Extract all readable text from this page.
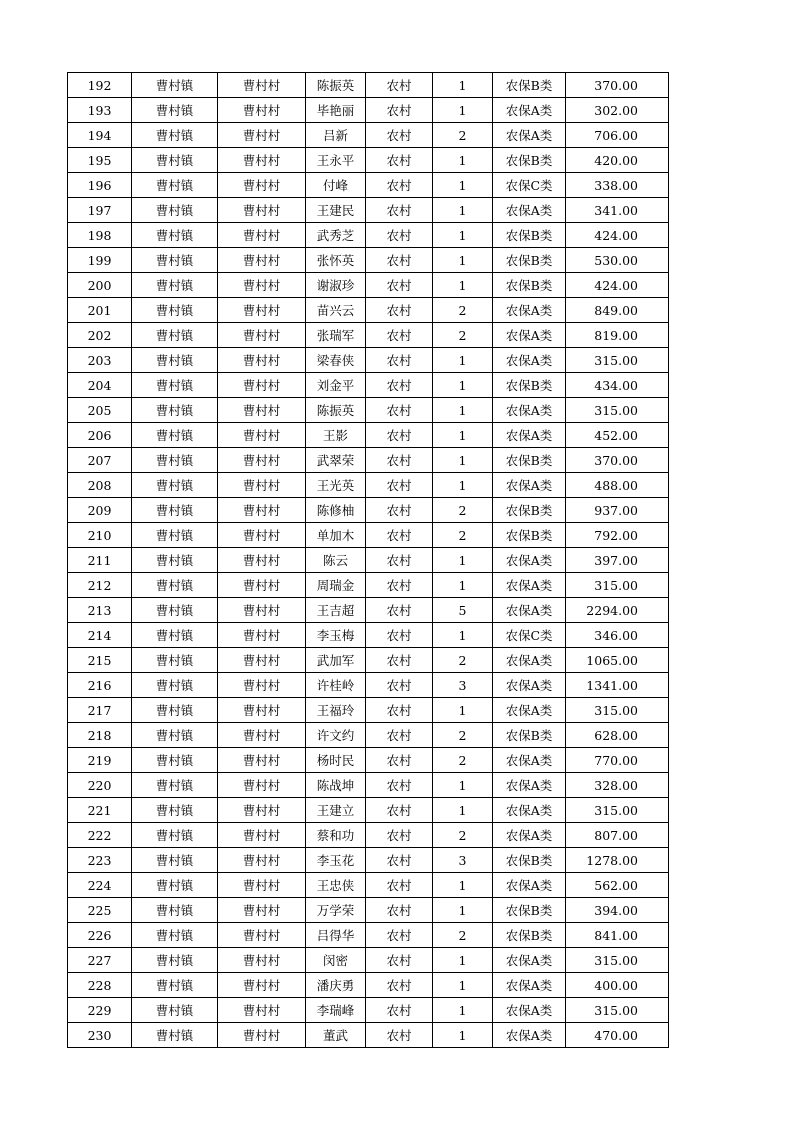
192	曹村镇	曹村村	陈振英	农村	1	农保B类	370.00
193	曹村镇	曹村村	毕艳丽	农村	1	农保A类	302.00
194	曹村镇	曹村村	吕新	农村	2	农保A类	706.00
195	曹村镇	曹村村	王永平	农村	1	农保B类	420.00
196	曹村镇	曹村村	付峰	农村	1	农保C类	338.00
197	曹村镇	曹村村	王建民	农村	1	农保A类	341.00
198	曹村镇	曹村村	武秀芝	农村	1	农保B类	424.00
199	曹村镇	曹村村	张怀英	农村	1	农保B类	530.00
200	曹村镇	曹村村	谢淑珍	农村	1	农保B类	424.00
201	曹村镇	曹村村	苗兴云	农村	2	农保A类	849.00
202	曹村镇	曹村村	张瑞军	农村	2	农保A类	819.00
203	曹村镇	曹村村	梁春侠	农村	1	农保A类	315.00
204	曹村镇	曹村村	刘金平	农村	1	农保B类	434.00
205	曹村镇	曹村村	陈振英	农村	1	农保A类	315.00
206	曹村镇	曹村村	王影	农村	1	农保A类	452.00
207	曹村镇	曹村村	武翠荣	农村	1	农保B类	370.00
208	曹村镇	曹村村	王光英	农村	1	农保A类	488.00
209	曹村镇	曹村村	陈修柚	农村	2	农保B类	937.00
210	曹村镇	曹村村	单加木	农村	2	农保B类	792.00
211	曹村镇	曹村村	陈云	农村	1	农保A类	397.00
212	曹村镇	曹村村	周瑞金	农村	1	农保A类	315.00
213	曹村镇	曹村村	王吉超	农村	5	农保A类	2294.00
214	曹村镇	曹村村	李玉梅	农村	1	农保C类	346.00
215	曹村镇	曹村村	武加军	农村	2	农保A类	1065.00
216	曹村镇	曹村村	许桂岭	农村	3	农保A类	1341.00
217	曹村镇	曹村村	王福玲	农村	1	农保A类	315.00
218	曹村镇	曹村村	许文约	农村	2	农保B类	628.00
219	曹村镇	曹村村	杨时民	农村	2	农保A类	770.00
220	曹村镇	曹村村	陈战坤	农村	1	农保A类	328.00
221	曹村镇	曹村村	王建立	农村	1	农保A类	315.00
222	曹村镇	曹村村	蔡和功	农村	2	农保A类	807.00
223	曹村镇	曹村村	李玉花	农村	3	农保B类	1278.00
224	曹村镇	曹村村	王忠侠	农村	1	农保A类	562.00
225	曹村镇	曹村村	万学荣	农村	1	农保B类	394.00
226	曹村镇	曹村村	吕得华	农村	2	农保B类	841.00
227	曹村镇	曹村村	闵密	农村	1	农保A类	315.00
228	曹村镇	曹村村	潘庆勇	农村	1	农保A类	400.00
229	曹村镇	曹村村	李瑞峰	农村	1	农保A类	315.00
230	曹村镇	曹村村	董武	农村	1	农保A类	470.00
